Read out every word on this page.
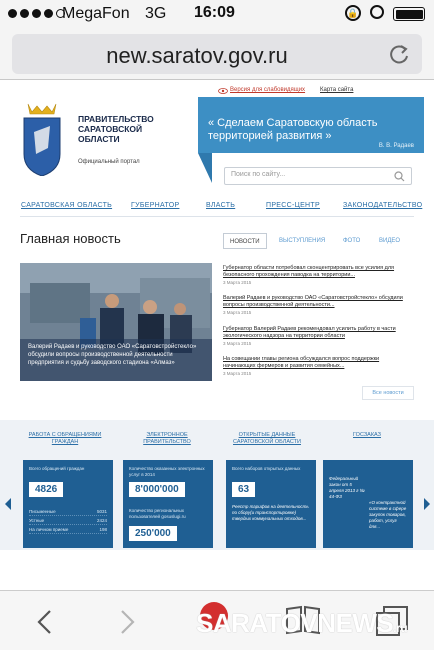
MegaFon 3G 16:09	🔒
new.saratov.gov.ru
ПРАВИТЕЛЬСТВО САРАТОВСКОЙ ОБЛАСТИ
Официальный портал
Версия для слабовидящих Карта сайта
« Сделаем Саратовскую область территорией развития »
В. В. Радаев
Поиск по сайту...
САРАТОВСКАЯ ОБЛАСТЬ	ГУБЕРНАТОР	ВЛАСТЬ	ПРЕСС-ЦЕНТР	ЗАКОНОДАТЕЛЬСТВО
Главная новость	НОВОСТИ	ВЫСТУПЛЕНИЯ	ФОТО	ВИДЕО
Валерий Радаев и руководство ОАО «Саратовстройстекло» обсудили вопросы производственной деятельности предприятия и судьбу заводского стадиона «Алмаз»
Губернатор области потребовал сконцентрировать все усилия для безопасного прохождения паводка на территории...
3 Марта 2015
Валерий Радаев и руководство ОАО «Саратовстройстекло» обсудили вопросы производственной деятельности...
3 Марта 2015
Губернатор Валерий Радаев рекомендовал усилить работу в части экологического надзора на территории области
3 Марта 2015
На совещании главы региона обсуждался вопрос поддержки начинающих фермеров и развития семейных...
3 Марта 2015
Все новости
РАБОТА С ОБРАЩЕНИЯМИ ГРАЖДАН
ЭЛЕКТРОННОЕ ПРАВИТЕЛЬСТВО
ОТКРЫТЫЕ ДАННЫЕ САРАТОВСКОЙ ОБЛАСТИ
ГОСЗАКАЗ
Всего обращений граждан
4826
Письменные	5031
Устные	2424
На личном приеме	198
Количество оказанных электронных услуг в 2014
8'000'000
Количество региональных пользователей gosuslugi.ru
250'000
Всего наборов открытых данных
63
Реестр тарифов на деятельность по сбору(и транспортировке) твердых коммунальных отходов...
Федеральный закон от 5 апреля 2013 г № 44-ФЗ
«О контрактной системе в сфере закупок товаров, работ, услуг для...
SARATOVNEWS.ru
